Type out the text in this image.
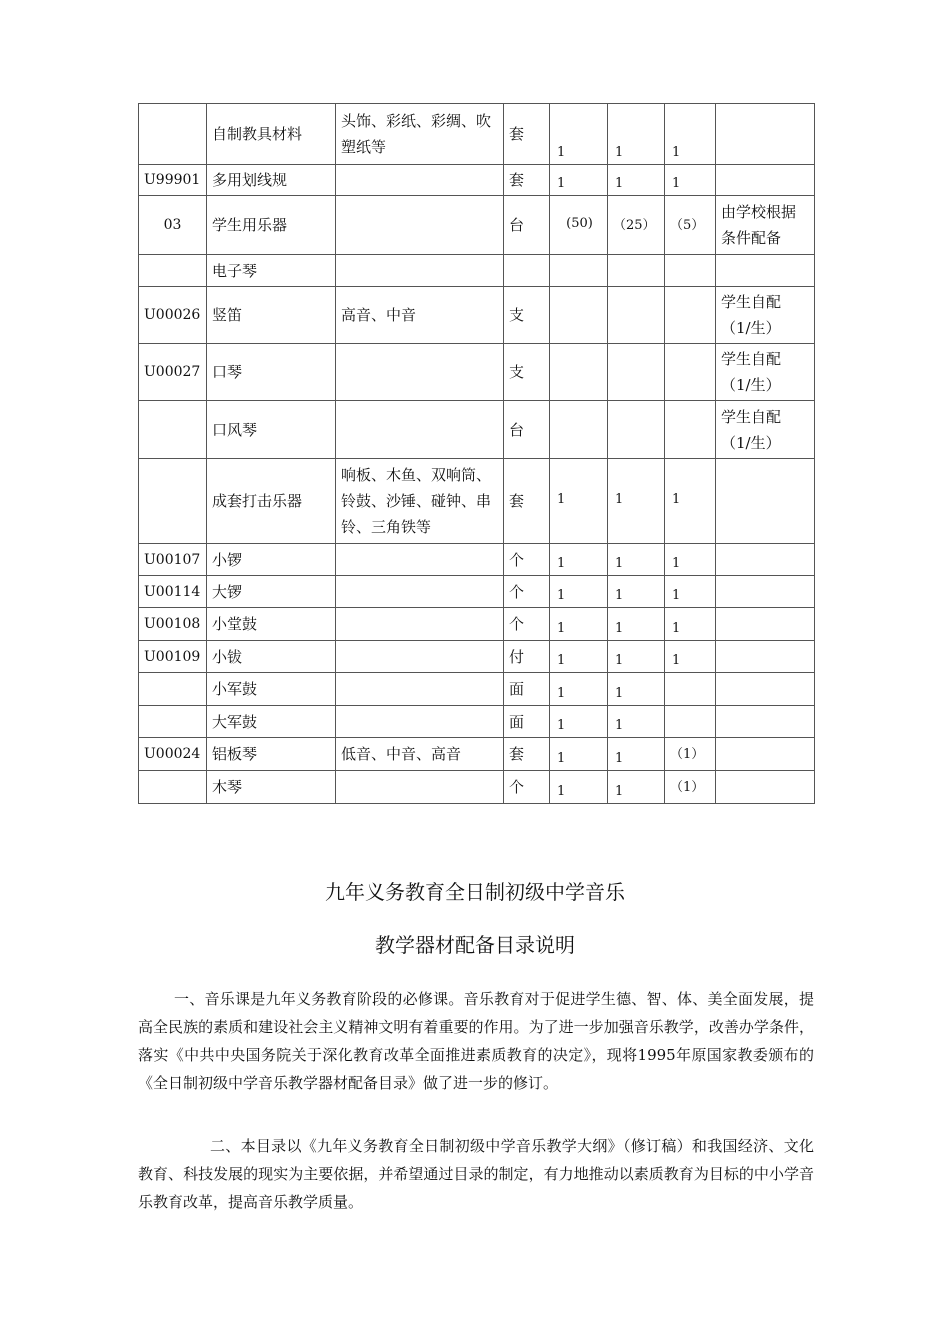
	自制教具材料	头饰、彩纸、彩绸、吹塑纸等	套	1	1	1	
U99901	多用划线规		套	1	1	1	
03	学生用乐器		台	(50)	（25）	（5）	由学校根据条件配备
	电子琴						
U00026	竖笛	高音、中音	支				学生自配（1/生）
U00027	口琴		支				学生自配（1/生）
	口风琴		台				学生自配（1/生）
	成套打击乐器	响板、木鱼、双响筒、铃鼓、沙锤、碰钟、串铃、三角铁等	套	1	1	1	
U00107	小锣		个	1	1	1	
U00114	大锣		个	1	1	1	
U00108	小堂鼓		个	1	1	1	
U00109	小钹		付	1	1	1	
	小军鼓		面	1	1		
	大军鼓		面	1	1		
U00024	铝板琴	低音、中音、高音	套	1	1	（1）	
	木琴		个	1	1	（1）	
九年义务教育全日制初级中学音乐
教学器材配备目录说明
一、音乐课是九年义务教育阶段的必修课。音乐教育对于促进学生德、智、体、美全面发展，提高全民族的素质和建设社会主义精神文明有着重要的作用。为了进一步加强音乐教学，改善办学条件，落实《中共中央国务院关于深化教育改革全面推进素质教育的决定》，现将1995年原国家教委颁布的《全日制初级中学音乐教学器材配备目录》做了进一步的修订。
二、本目录以《九年义务教育全日制初级中学音乐教学大纲》（修订稿）和我国经济、文化教育、科技发展的现实为主要依据，并希望通过目录的制定，有力地推动以素质教育为目标的中小学音乐教育改革，提高音乐教学质量。
